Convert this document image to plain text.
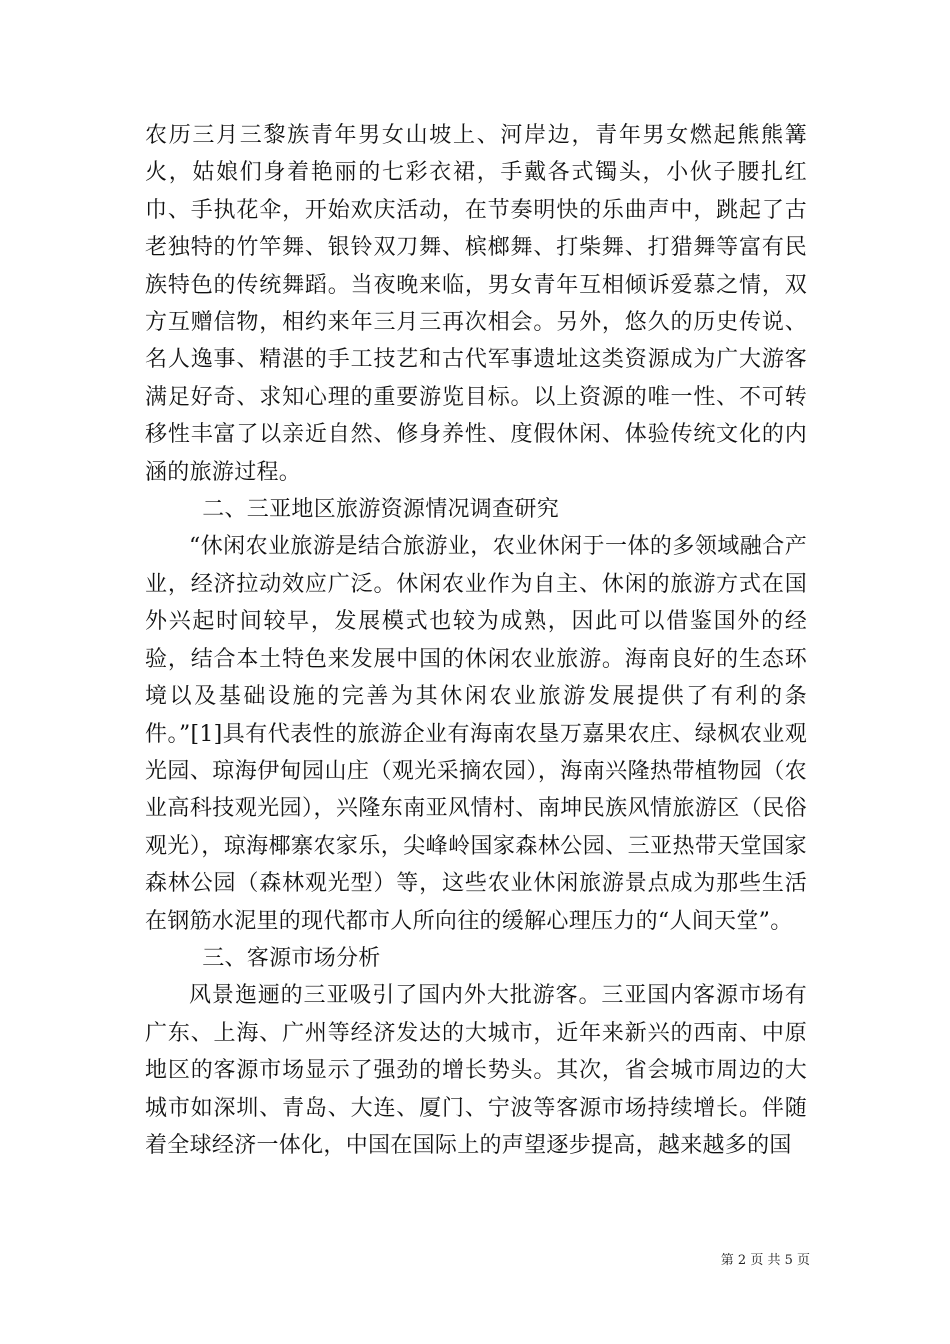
农历三月三黎族青年男女山坡上、河岸边，青年男女燃起熊熊篝火，姑娘们身着艳丽的七彩衣裙，手戴各式镯头，小伙子腰扎红巾、手执花伞，开始欢庆活动，在节奏明快的乐曲声中，跳起了古老独特的竹竿舞、银铃双刀舞、槟榔舞、打柴舞、打猎舞等富有民族特色的传统舞蹈。当夜晚来临，男女青年互相倾诉爱慕之情，双方互赠信物，相约来年三月三再次相会。另外，悠久的历史传说、名人逸事、精湛的手工技艺和古代军事遗址这类资源成为广大游客满足好奇、求知心理的重要游览目标。以上资源的唯一性、不可转移性丰富了以亲近自然、修身养性、度假休闲、体验传统文化的内涵的旅游过程。

二、三亚地区旅游资源情况调查研究

“休闲农业旅游是结合旅游业，农业休闲于一体的多领域融合产业，经济拉动效应广泛。休闲农业作为自主、休闲的旅游方式在国外兴起时间较早，发展模式也较为成熟，因此可以借鉴国外的经验，结合本土特色来发展中国的休闲农业旅游。海南良好的生态环境以及基础设施的完善为其休闲农业旅游发展提供了有利的条件。”[1]具有代表性的旅游企业有海南农垦万嘉果农庄、绿枫农业观光园、琼海伊甸园山庄（观光采摘农园），海南兴隆热带植物园（农业高科技观光园），兴隆东南亚风情村、南坤民族风情旅游区（民俗观光），琼海椰寨农家乐，尖峰岭国家森林公园、三亚热带天堂国家森林公园（森林观光型）等，这些农业休闲旅游景点成为那些生活在钢筋水泥里的现代都市人所向往的缓解心理压力的“人间天堂”。

三、客源市场分析

风景迤逦的三亚吸引了国内外大批游客。三亚国内客源市场有广东、上海、广州等经济发达的大城市，近年来新兴的西南、中原地区的客源市场显示了强劲的增长势头。其次，省会城市周边的大城市如深圳、青岛、大连、厦门、宁波等客源市场持续增长。伴随着全球经济一体化，中国在国际上的声望逐步提高，越来越多的国

第 2 页 共 5 页
